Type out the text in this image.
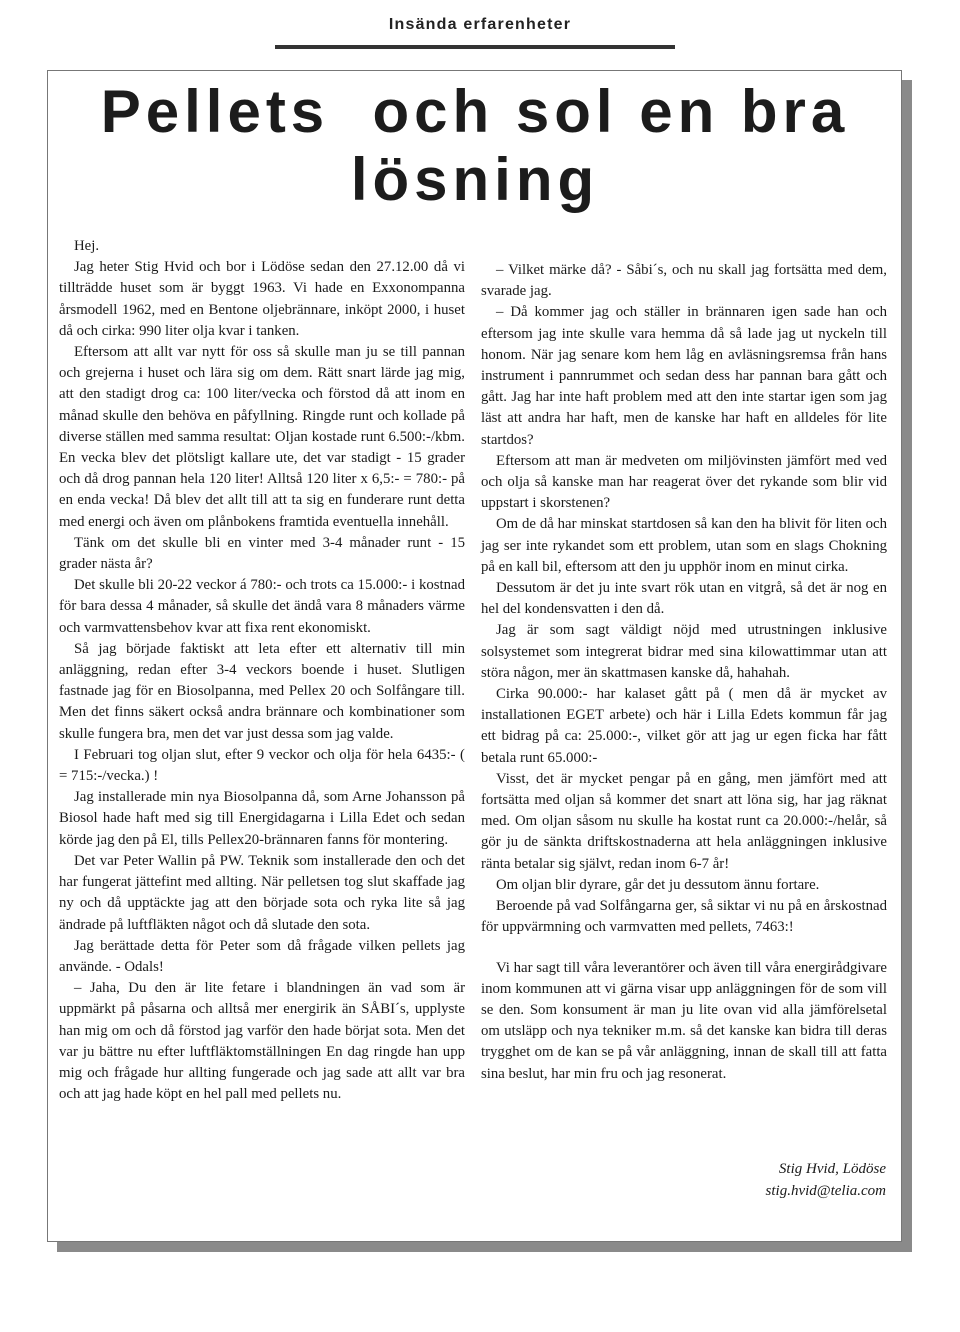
Insända erfarenheter
Pellets  och sol en bra
lösning

Hej.

Jag heter Stig Hvid och bor i Lödöse sedan den 27.12.00 då vi tillträdde huset som är byggt 1963. Vi hade en Exxonompanna årsmodell 1962, med en Bentone oljebrännare, inköpt 2000, i huset då och cirka: 990 liter olja kvar i tanken.

Eftersom att allt var nytt för oss så skulle man ju se till pannan och grejerna i huset och lära sig om dem. Rätt snart lärde jag mig, att den stadigt drog ca: 100 liter/vecka och förstod då att inom en månad skulle den behöva en påfyllning. Ringde runt och kollade på diverse ställen med samma resultat: Oljan kostade runt 6.500:-/kbm. En vecka blev det plötsligt kallare ute, det var stadigt - 15 grader och då drog pannan hela 120 liter! Alltså 120 liter x 6,5:- = 780:- på en enda vecka! Då blev det allt till att ta sig en funderare runt detta med energi och även om plånbokens framtida eventuella innehåll.

Tänk om det skulle bli en vinter med 3-4 månader runt - 15 grader nästa år?

Det skulle bli 20-22 veckor á 780:- och trots ca 15.000:- i kostnad för bara dessa 4 månader, så skulle det ändå vara 8 månaders värme och varmvattensbehov kvar att fixa rent ekonomiskt.

Så jag började faktiskt att leta efter ett alternativ till min anläggning, redan efter 3-4 veckors boende i huset. Slutligen fastnade jag för en Biosolpanna, med Pellex 20 och Solfångare till. Men det finns säkert också andra brännare och kombinationer som skulle fungera bra, men det var just dessa som jag valde.

I Februari tog oljan slut, efter 9 veckor och olja för hela 6435:- ( = 715:-/vecka.) !

Jag installerade min nya Biosolpanna då, som Arne Johansson på Biosol hade haft med sig till Energidagarna i Lilla Edet och sedan körde jag den på El, tills Pellex20-brännaren fanns för montering.

Det var Peter Wallin på PW. Teknik som installerade den och det har fungerat jättefint med allting. När pelletsen tog slut skaffade jag ny och då upptäckte jag att den började sota och ryka lite så jag ändrade på luftfläkten något och då slutade den sota.

Jag berättade detta för Peter som då frågade vilken pellets jag använde. - Odals!

– Jaha, Du den är lite fetare i blandningen än vad som är uppmärkt på påsarna och alltså mer energirik än SÅBI´s, upplyste han mig om och då förstod jag varför den hade börjat sota. Men det var ju bättre nu efter luftfläktomställningen En dag ringde han upp mig och frågade hur allting fungerade och jag sade att allt var bra och att jag hade köpt en hel pall med pellets nu.

– Vilket märke då? - Såbi´s, och nu skall jag fortsätta med dem, svarade jag.

– Då kommer jag och ställer in brännaren igen sade han och eftersom jag inte skulle vara hemma då så lade jag ut nyckeln till honom. När jag senare kom hem låg en avläsningsremsa från hans instrument i pannrummet och sedan dess har pannan bara gått och gått. Jag har inte haft problem med att den inte startar igen som jag läst att andra har haft, men de kanske har haft en alldeles för lite startdos?

Eftersom att man är medveten om miljövinsten jämfört med ved och olja så kanske man har reagerat över det rykande som blir vid uppstart i skorstenen?

Om de då har minskat startdosen så kan den ha blivit för liten och jag ser inte rykandet som ett problem, utan som en slags Chokning på en kall bil, eftersom att den ju upphör inom en minut cirka.

Dessutom är det ju inte svart rök utan en vitgrå, så det är nog en hel del kondensvatten i den då.

Jag är som sagt väldigt nöjd med utrustningen inklusive solsystemet som integrerat bidrar med sina kilowattimmar utan att störa någon, mer än skattmasen kanske då, hahahah.

Cirka 90.000:- har kalaset gått på ( men då är mycket av installationen EGET arbete) och här i Lilla Edets kommun får jag ett bidrag på ca: 25.000:-, vilket gör att jag ur egen ficka har fått betala runt 65.000:-

Visst, det är mycket pengar på en gång, men jämfört med att fortsätta med oljan så kommer det snart att löna sig, har jag räknat med. Om oljan såsom nu skulle ha kostat runt ca 20.000:-/helår, så gör ju de sänkta driftskostnaderna att hela anläggningen inklusive ränta betalar sig självt, redan inom 6-7 år!

Om oljan blir dyrare, går det ju dessutom ännu fortare.

Beroende på vad Solfångarna ger, så siktar vi nu på en årskostnad för uppvärmning och varmvatten med pellets, 7463:!

Vi har sagt till våra leverantörer och även till våra energirådgivare inom kommunen att vi gärna visar upp anläggningen för de som vill se den. Som konsument är man ju lite ovan vid alla jämförelsetal om utsläpp och nya tekniker m.m. så det kanske kan bidra till deras trygghet om de kan se på vår anläggning, innan de skall till att fatta sina beslut, har min fru och jag resonerat.

Stig Hvid, Lödöse
stig.hvid@telia.com
